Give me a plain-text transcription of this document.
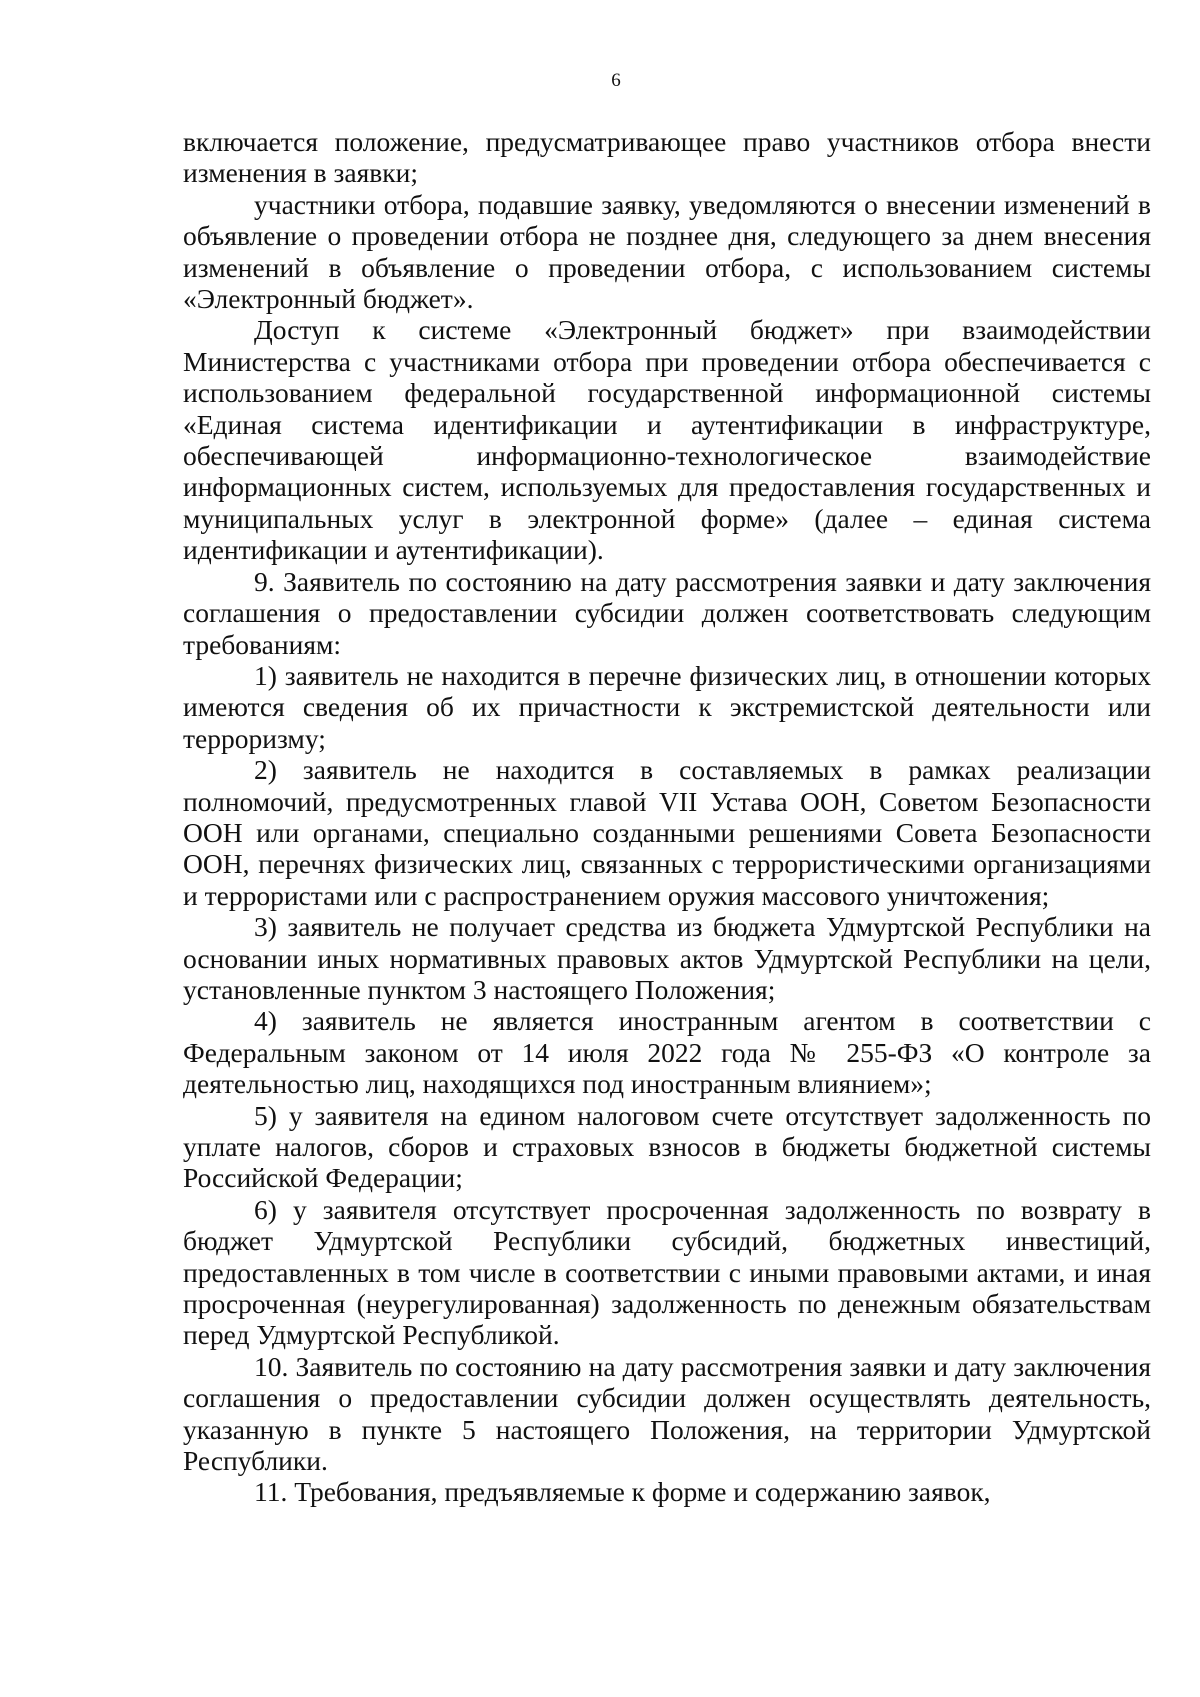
6

включается положение, предусматривающее право участников отбора внести изменения в заявки;

участники отбора, подавшие заявку, уведомляются о внесении изменений в объявление о проведении отбора не позднее дня, следующего за днем внесения изменений в объявление о проведении отбора, с использованием системы «Электронный бюджет».

Доступ к системе «Электронный бюджет» при взаимодействии Министерства с участниками отбора при проведении отбора обеспечивается с использованием федеральной государственной информационной системы «Единая система идентификации и аутентификации в инфраструктуре, обеспечивающей информационно-технологическое взаимодействие информационных систем, используемых для предоставления государственных и муниципальных услуг в электронной форме» (далее – единая система идентификации и аутентификации).

9. Заявитель по состоянию на дату рассмотрения заявки и дату заключения соглашения о предоставлении субсидии должен соответствовать следующим требованиям:

1) заявитель не находится в перечне физических лиц, в отношении которых имеются сведения об их причастности к экстремистской деятельности или терроризму;

2) заявитель не находится в составляемых в рамках реализации полномочий, предусмотренных главой VII Устава ООН, Советом Безопасности ООН или органами, специально созданными решениями Совета Безопасности ООН, перечнях физических лиц, связанных с террористическими организациями и террористами или с распространением оружия массового уничтожения;

3) заявитель не получает средства из бюджета Удмуртской Республики на основании иных нормативных правовых актов Удмуртской Республики на цели, установленные пунктом 3 настоящего Положения;

4) заявитель не является иностранным агентом в соответствии с Федеральным законом от 14 июля 2022 года № 255-ФЗ «О контроле за деятельностью лиц, находящихся под иностранным влиянием»;

5) у заявителя на едином налоговом счете отсутствует задолженность по уплате налогов, сборов и страховых взносов в бюджеты бюджетной системы Российской Федерации;

6) у заявителя отсутствует просроченная задолженность по возврату в бюджет Удмуртской Республики субсидий, бюджетных инвестиций, предоставленных в том числе в соответствии с иными правовыми актами, и иная просроченная (неурегулированная) задолженность по денежным обязательствам перед Удмуртской Республикой.

10. Заявитель по состоянию на дату рассмотрения заявки и дату заключения соглашения о предоставлении субсидии должен осуществлять деятельность, указанную в пункте 5 настоящего Положения, на территории Удмуртской Республики.

11. Требования, предъявляемые к форме и содержанию заявок,
